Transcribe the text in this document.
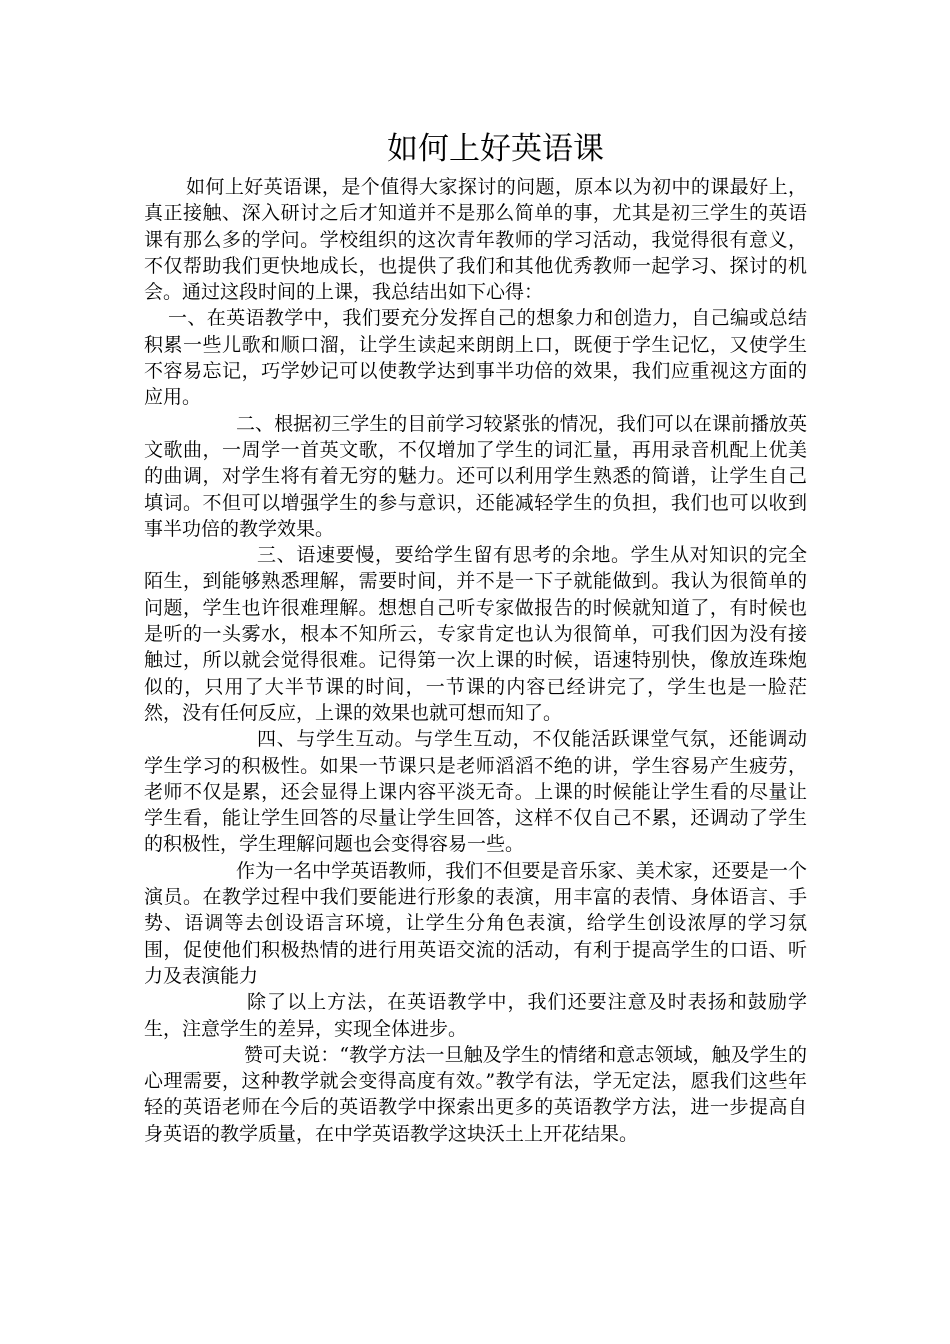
如何上好英语课

如何上好英语课，是个值得大家探讨的问题，原本以为初中的课最好上，真正接触、深入研讨之后才知道并不是那么简单的事，尤其是初三学生的英语课有那么多的学问。学校组织的这次青年教师的学习活动，我觉得很有意义，不仅帮助我们更快地成长，也提供了我们和其他优秀教师一起学习、探讨的机会。通过这段时间的上课，我总结出如下心得：

一、在英语教学中，我们要充分发挥自己的想象力和创造力，自己编或总结积累一些儿歌和顺口溜，让学生读起来朗朗上口，既便于学生记忆，又使学生不容易忘记，巧学妙记可以使教学达到事半功倍的效果，我们应重视这方面的应用。

二、根据初三学生的目前学习较紧张的情况，我们可以在课前播放英文歌曲，一周学一首英文歌，不仅增加了学生的词汇量，再用录音机配上优美的曲调，对学生将有着无穷的魅力。还可以利用学生熟悉的简谱，让学生自己填词。不但可以增强学生的参与意识，还能减轻学生的负担，我们也可以收到事半功倍的教学效果。

三、语速要慢，要给学生留有思考的余地。学生从对知识的完全陌生，到能够熟悉理解，需要时间，并不是一下子就能做到。我认为很简单的问题，学生也许很难理解。想想自己听专家做报告的时候就知道了，有时候也是听的一头雾水，根本不知所云，专家肯定也认为很简单，可我们因为没有接触过，所以就会觉得很难。记得第一次上课的时候，语速特别快，像放连珠炮似的，只用了大半节课的时间，一节课的内容已经讲完了，学生也是一脸茫然，没有任何反应，上课的效果也就可想而知了。

四、与学生互动。与学生互动，不仅能活跃课堂气氛，还能调动学生学习的积极性。如果一节课只是老师滔滔不绝的讲，学生容易产生疲劳，老师不仅是累，还会显得上课内容平淡无奇。上课的时候能让学生看的尽量让学生看，能让学生回答的尽量让学生回答，这样不仅自己不累，还调动了学生的积极性，学生理解问题也会变得容易一些。

作为一名中学英语教师，我们不但要是音乐家、美术家，还要是一个演员。在教学过程中我们要能进行形象的表演，用丰富的表情、身体语言、手势、语调等去创设语言环境，让学生分角色表演，给学生创设浓厚的学习氛围，促使他们积极热情的进行用英语交流的活动，有利于提高学生的口语、听力及表演能力

除了以上方法，在英语教学中，我们还要注意及时表扬和鼓励学生，注意学生的差异，实现全体进步。

赞可夫说：“教学方法一旦触及学生的情绪和意志领域，触及学生的心理需要，这种教学就会变得高度有效。”教学有法，学无定法，愿我们这些年轻的英语老师在今后的英语教学中探索出更多的英语教学方法，进一步提高自身英语的教学质量，在中学英语教学这块沃土上开花结果。
